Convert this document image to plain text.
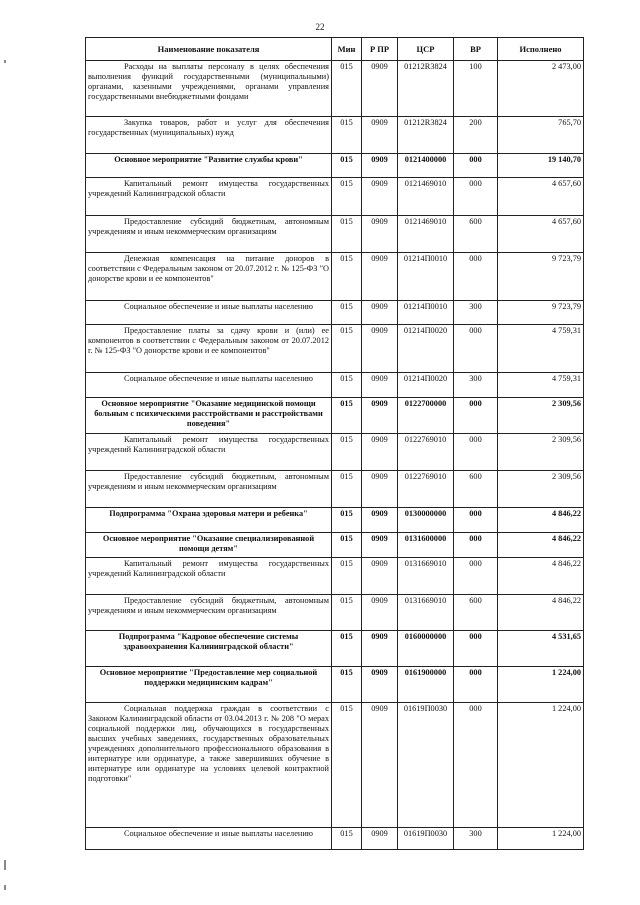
22
Наименование показателя	Мин	Р ПР	ЦСР	ВР	Исполнено
Расходы на выплаты персоналу в целях обеспечения выполнения функций государственными (муниципальными) органами, казенными учреждениями, органами управления государственными внебюджетными фондами	015	0909	01212R3824	100	2 473,00
Закупка товаров, работ и услуг для обеспечения государственных (муниципальных) нужд	015	0909	01212R3824	200	765,70
Основное мероприятие "Развитие службы крови"	015	0909	0121400000	000	19 140,70
Капитальный ремонт имущества государственных учреждений Калининградской области	015	0909	0121469010	000	4 657,60
Предоставление субсидий бюджетным, автономным учреждениям и иным некоммерческим организациям	015	0909	0121469010	600	4 657,60
Денежная компенсация на питание доноров в соответствии с Федеральным законом от 20.07.2012 г. № 125-ФЗ "О донорстве крови и ее компонентов"	015	0909	01214П0010	000	9 723,79
Социальное обеспечение и иные выплаты населению	015	0909	01214П0010	300	9 723,79
Предоставление платы за сдачу крови и (или) ее компонентов в соответствии с Федеральным законом от 20.07.2012 г. № 125-ФЗ "О донорстве крови и ее компонентов"	015	0909	01214П0020	000	4 759,31
Социальное обеспечение и иные выплаты населению	015	0909	01214П0020	300	4 759,31
Основное мероприятие "Оказание медицинской помощи больным с психическими расстройствами и расстройствами поведения"	015	0909	0122700000	000	2 309,56
Капитальный ремонт имущества государственных учреждений Калининградской области	015	0909	0122769010	000	2 309,56
Предоставление субсидий бюджетным, автономным учреждениям и иным некоммерческим организациям	015	0909	0122769010	600	2 309,56
Подпрограмма "Охрана здоровья матери и ребенка"	015	0909	0130000000	000	4 846,22
Основное мероприятие "Оказание специализированной помощи детям"	015	0909	0131600000	000	4 846,22
Капитальный ремонт имущества государственных учреждений Калининградской области	015	0909	0131669010	000	4 846,22
Предоставление субсидий бюджетным, автономным учреждениям и иным некоммерческим организациям	015	0909	0131669010	600	4 846,22
Подпрограмма "Кадровое обеспечение системы здравоохранения Калининградской области"	015	0909	0160000000	000	4 531,65
Основное мероприятие "Предоставление мер социальной поддержки медицинским кадрам"	015	0909	0161900000	000	1 224,00
Социальная поддержка граждан в соответствии с Законом Калининградской области от 03.04.2013 г. № 208 "О мерах социальной поддержки лиц, обучающихся в государственных высших учебных заведениях, государственных образовательных учреждениях дополнительного профессионального образования в интернатуре или ординатуре, а также завершивших обучение в интернатуре или ординатуре на условиях целевой контрактной подготовки"	015	0909	01619П0030	000	1 224,00
Социальное обеспечение и иные выплаты населению	015	0909	01619П0030	300	1 224,00
